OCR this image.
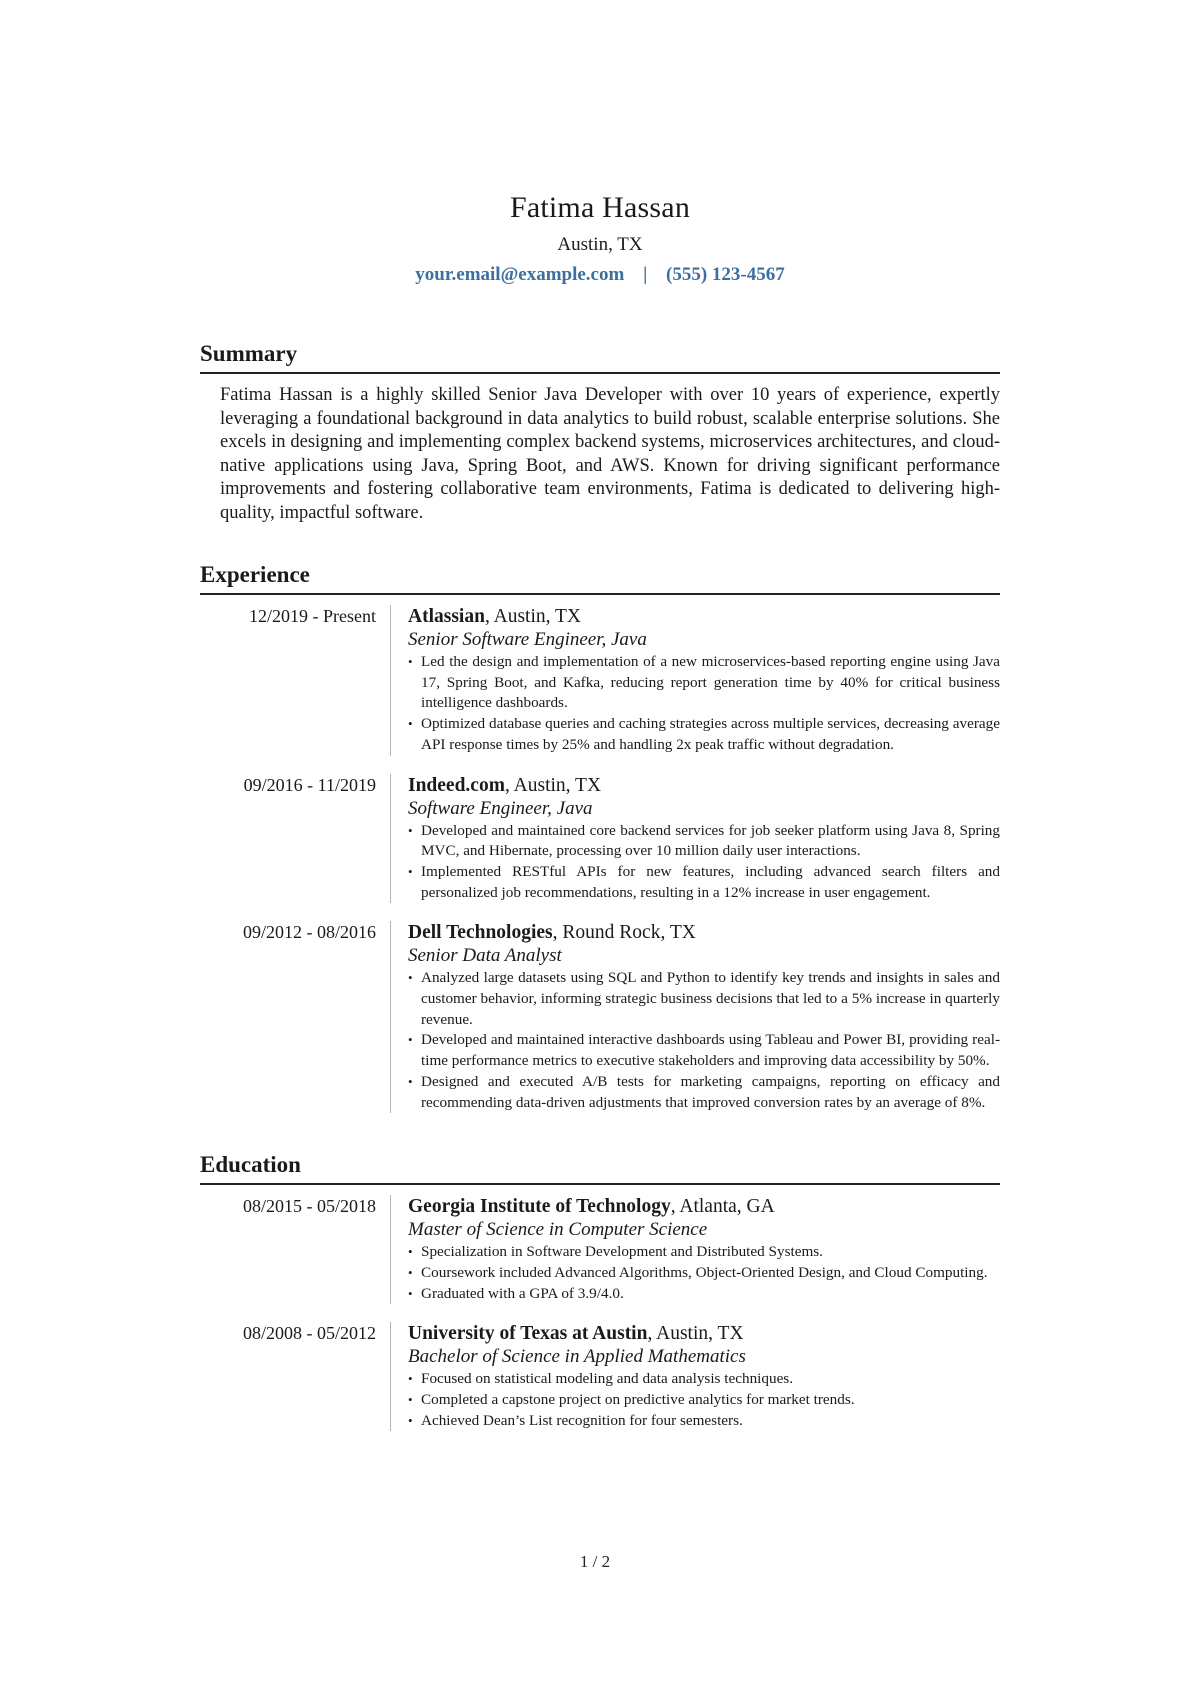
Fatima Hassan
Austin, TX
your.email@example.com | (555) 123-4567
Summary

Fatima Hassan is a highly skilled Senior Java Developer with over 10 years of experience, expertly leveraging a foundational background in data analytics to build robust, scalable enterprise solutions. She excels in designing and implementing complex backend systems, microservices architectures, and cloud-native applications using Java, Spring Boot, and AWS. Known for driving significant performance improvements and fostering collaborative team environments, Fatima is dedicated to delivering high-quality, impactful software.

Experience
12/2019 - Present Atlassian, Austin, TX
Senior Software Engineer, Java
• Led the design and implementation of a new microservices-based reporting engine using Java 17, Spring Boot, and Kafka, reducing report generation time by 40% for critical business intelligence dashboards.
• Optimized database queries and caching strategies across multiple services, decreasing average API response times by 25% and handling 2x peak traffic without degradation.
09/2016 - 11/2019 Indeed.com, Austin, TX
Software Engineer, Java
• Developed and maintained core backend services for job seeker platform using Java 8, Spring MVC, and Hibernate, processing over 10 million daily user interactions.
• Implemented RESTful APIs for new features, including advanced search filters and personalized job recommendations, resulting in a 12% increase in user engagement.
09/2012 - 08/2016 Dell Technologies, Round Rock, TX
Senior Data Analyst
• Analyzed large datasets using SQL and Python to identify key trends and insights in sales and customer behavior, informing strategic business decisions that led to a 5% increase in quarterly revenue.
• Developed and maintained interactive dashboards using Tableau and Power BI, providing real-time performance metrics to executive stakeholders and improving data accessibility by 50%.
• Designed and executed A/B tests for marketing campaigns, reporting on efficacy and recommending data-driven adjustments that improved conversion rates by an average of 8%.
Education
08/2015 - 05/2018 Georgia Institute of Technology, Atlanta, GA
Master of Science in Computer Science
• Specialization in Software Development and Distributed Systems.
• Coursework included Advanced Algorithms, Object-Oriented Design, and Cloud Computing.
• Graduated with a GPA of 3.9/4.0.
08/2008 - 05/2012 University of Texas at Austin, Austin, TX
Bachelor of Science in Applied Mathematics
• Focused on statistical modeling and data analysis techniques.
• Completed a capstone project on predictive analytics for market trends.
• Achieved Dean’s List recognition for four semesters.
1 / 2
